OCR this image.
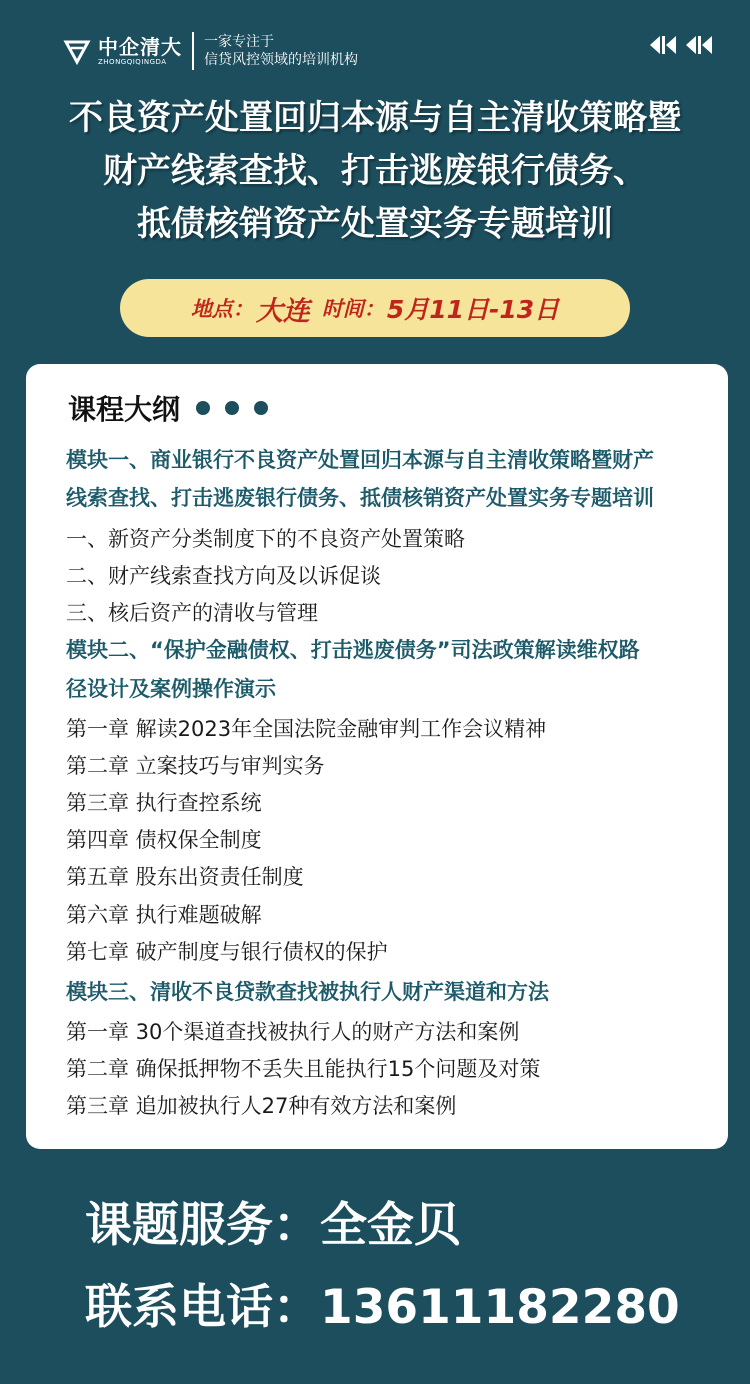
中企清大
ZHONGQIQINGDA
一家专注于
信贷风控领域的培训机构
不良资产处置回归本源与自主清收策略暨
财产线索查找、打击逃废银行债务、
抵债核销资产处置实务专题培训
地点： 大连 时间： 5月11日-13日
课程大纲
模块一、商业银行不良资产处置回归本源与自主清收策略暨财产
线索查找、打击逃废银行债务、抵债核销资产处置实务专题培训
一、新资产分类制度下的不良资产处置策略
二、财产线索查找方向及以诉促谈
三、核后资产的清收与管理
模块二、“保护金融债权、打击逃废债务”司法政策解读维权路
径设计及案例操作演示
第一章 解读2023年全国法院金融审判工作会议精神
第二章 立案技巧与审判实务
第三章 执行查控系统
第四章 债权保全制度
第五章 股东出资责任制度
第六章 执行难题破解
第七章 破产制度与银行债权的保护
模块三、清收不良贷款查找被执行人财产渠道和方法
第一章 30个渠道查找被执行人的财产方法和案例
第二章 确保抵押物不丢失且能执行15个问题及对策
第三章 追加被执行人27种有效方法和案例
课题服务：全金贝
联系电话：13611182280
